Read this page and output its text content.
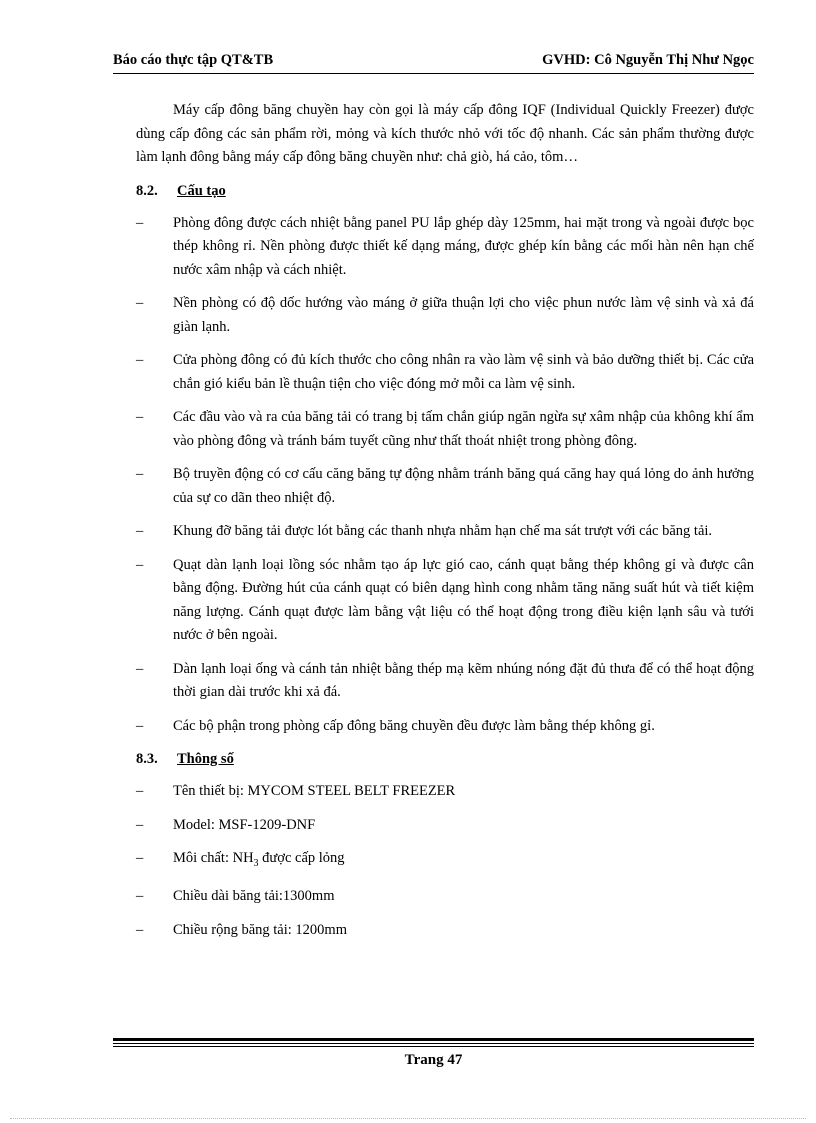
Báo cáo thực tập QT&TB	GVHD: Cô Nguyễn Thị Như Ngọc

Máy cấp đông băng chuyền hay còn gọi là máy cấp đông IQF (Individual Quickly Freezer) được dùng cấp đông các sản phẩm rời, mỏng và kích thước nhỏ với tốc độ nhanh. Các sản phẩm thường được làm lạnh đông bằng máy cấp đông băng chuyền như: chả giò, há cảo, tôm…

8.2. Cấu tạo
–	Phòng đông được cách nhiệt bằng panel PU lắp ghép dày 125mm, hai mặt trong và ngoài được bọc thép không rỉ. Nền phòng được thiết kế dạng máng, được ghép kín bằng các mối hàn nên hạn chế nước xâm nhập và cách nhiệt.
–	Nền phòng có độ dốc hướng vào máng ở giữa thuận lợi cho việc phun nước làm vệ sinh và xả đá giàn lạnh.
–	Cửa phòng đông có đủ kích thước cho công nhân ra vào làm vệ sinh và bảo dưỡng thiết bị. Các cửa chắn gió kiểu bản lề thuận tiện cho việc đóng mở mỗi ca làm vệ sinh.
–	Các đầu vào và ra của băng tải có trang bị tấm chắn giúp ngăn ngừa sự xâm nhập của không khí ẩm vào phòng đông và tránh bám tuyết cũng như thất thoát nhiệt trong phòng đông.
–	Bộ truyền động có cơ cấu căng băng tự động nhằm tránh băng quá căng hay quá lỏng do ảnh hưởng của sự co dãn theo nhiệt độ.
–	Khung đỡ băng tải được lót bằng các thanh nhựa nhằm hạn chế ma sát trượt với các băng tải.
–	Quạt dàn lạnh loại lồng sóc nhằm tạo áp lực gió cao, cánh quạt bằng thép không gỉ và được cân bằng động. Đường hút của cánh quạt có biên dạng hình cong nhằm tăng năng suất hút và tiết kiệm năng lượng. Cánh quạt được làm bằng vật liệu có thể hoạt động trong điều kiện lạnh sâu và tưới nước ở bên ngoài.
–	Dàn lạnh loại ống và cánh tản nhiệt bằng thép mạ kẽm nhúng nóng đặt đủ thưa để có thể hoạt động thời gian dài trước khi xả đá.
–	Các bộ phận trong phòng cấp đông băng chuyền đều được làm bằng thép không gỉ.
8.3. Thông số
–	Tên thiết bị: MYCOM STEEL BELT FREEZER
–	Model: MSF-1209-DNF
–	Môi chất: $NH_3$ được cấp lỏng
–	Chiều dài băng tải:1300mm
–	Chiều rộng băng tải: 1200mm
Trang 47
